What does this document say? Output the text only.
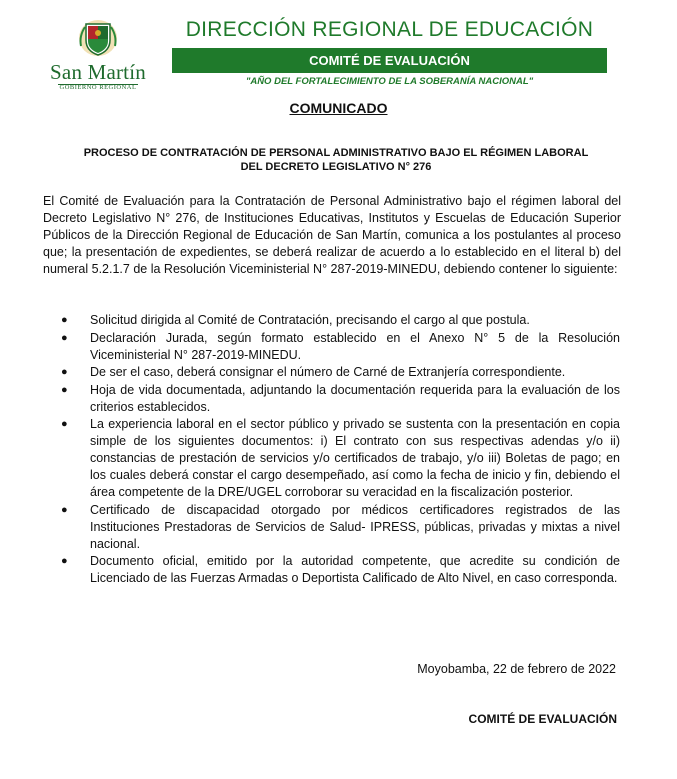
San Martín
GOBIERNO REGIONAL
DIRECCIÓN REGIONAL DE EDUCACIÓN
COMITÉ DE EVALUACIÓN
"AÑO DEL FORTALECIMIENTO DE LA SOBERANÍA NACIONAL"
COMUNICADO
PROCESO DE CONTRATACIÓN DE PERSONAL ADMINISTRATIVO BAJO EL RÉGIMEN LABORAL
DEL DECRETO LEGISLATIVO N° 276

El Comité de Evaluación para la Contratación de Personal Administrativo bajo el régimen laboral del Decreto Legislativo N° 276, de Instituciones Educativas, Institutos y Escuelas de Educación Superior Públicos de la Dirección Regional de Educación de San Martín, comunica a los postulantes al proceso que; la presentación de expedientes, se deberá realizar de acuerdo a lo establecido en el literal b) del numeral 5.2.1.7 de la Resolución Viceministerial N° 287-2019-MINEDU, debiendo contener lo siguiente:

● Solicitud dirigida al Comité de Contratación, precisando el cargo al que postula.
● Declaración Jurada, según formato establecido en el Anexo N° 5 de la Resolución Viceministerial N° 287-2019-MINEDU.
● De ser el caso, deberá consignar el número de Carné de Extranjería correspondiente.
● Hoja de vida documentada, adjuntando la documentación requerida para la evaluación de los criterios establecidos.
● La experiencia laboral en el sector público y privado se sustenta con la presentación en copia simple de los siguientes documentos: i) El contrato con sus respectivas adendas y/o ii) constancias de prestación de servicios y/o certificados de trabajo, y/o iii) Boletas de pago; en los cuales deberá constar el cargo desempeñado, así como la fecha de inicio y fin, debiendo el área competente de la DRE/UGEL corroborar su veracidad en la fiscalización posterior.
● Certificado de discapacidad otorgado por médicos certificadores registrados de las Instituciones Prestadoras de Servicios de Salud- IPRESS, públicas, privadas y mixtas a nivel nacional.
● Documento oficial, emitido por la autoridad competente, que acredite su condición de Licenciado de las Fuerzas Armadas o Deportista Calificado de Alto Nivel, en caso corresponda.
Moyobamba, 22 de febrero de 2022
COMITÉ DE EVALUACIÓN
